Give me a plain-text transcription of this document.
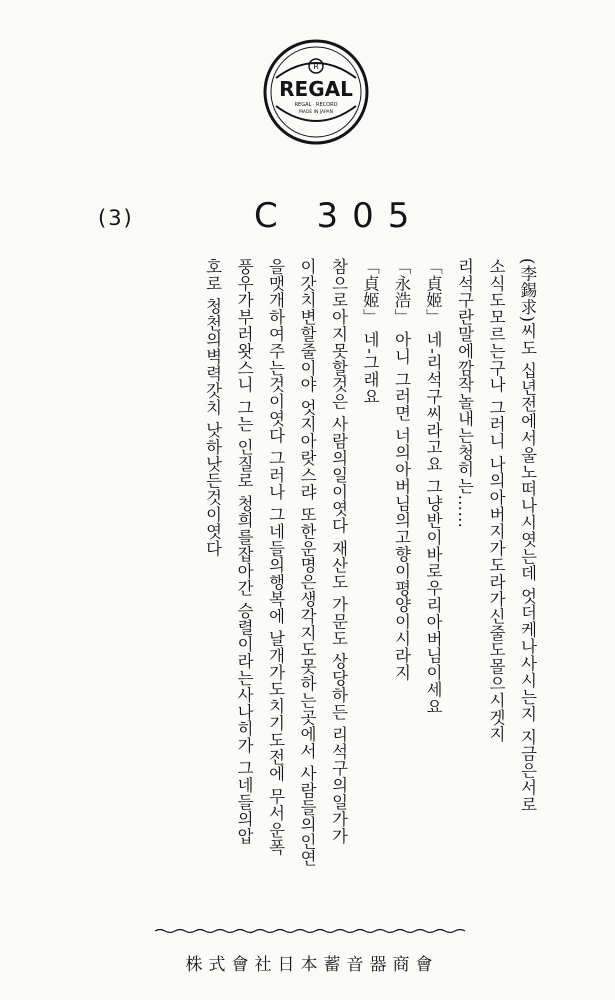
R
REGAL
REGAL · RECORD
MADE IN JAPAN
(3)	C 305
(李錫求)씨도 십년전에서울노떠나시엿는데 엇더케나사시는지 지금은서로
소식도모르는구나 그러니 나의아버지가도라가신줄도몰으시겟지
리석구란말에깜작놀내는청히는……
「貞姬」 네-리석구씨라고요 그냥반이바로우리아버님이세요
「永浩」 아니 그러면 너의아버님의고향이평양이시라지
「貞姬」 네-그래요
참으로아지못할것은 사람의일이엿다 재산도 가문도 상당하든 리석구의일가가
이갓치변할줄이야 엇지아랏스랴 또한운명은생각지도못하는곳에서 사람들의인연
을맷개하여주는것이엿다 그러나 그네들의행복에 날개가도치기도전에 무서운폭
풍우가부러왓스니 그는 인질로 청희를잡아간 승렬이라는사나히가 그네들의압
호로 청천의벽력갓치 낫하낫든것이엿다
株式會社日本蓄音器商會
